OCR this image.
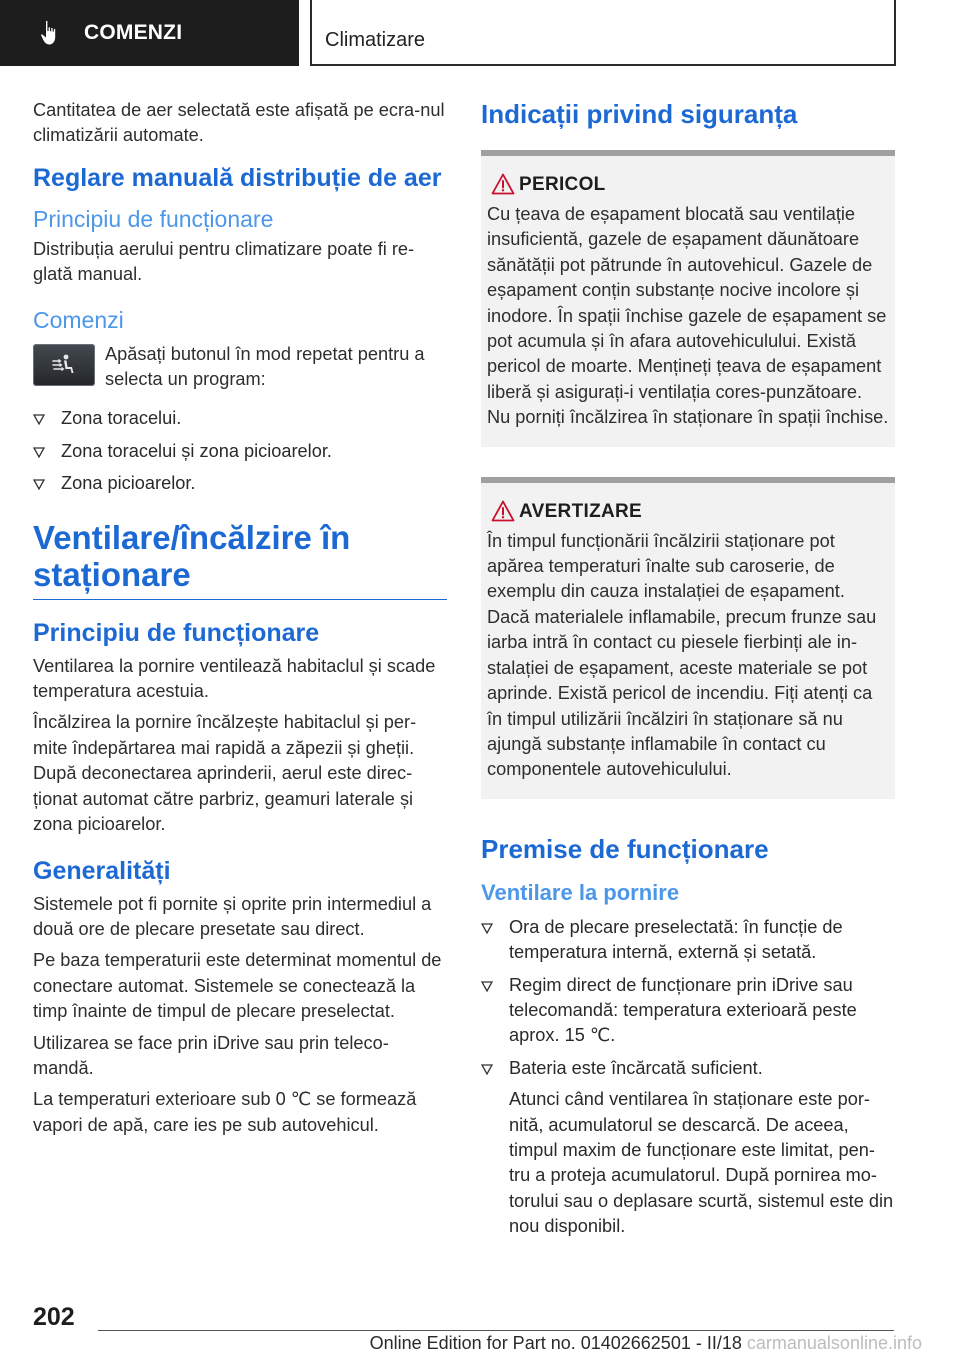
COMENZI	Climatizare

Cantitatea de aer selectată este afișată pe ecra-nul climatizării automate.

Reglare manuală distribuție de aer
Principiu de funcționare

Distribuția aerului pentru climatizare poate fi re-glată manual.

Comenzi

Apăsați butonul în mod repetat pentru a selecta un program:

Zona toracelui.
Zona toracelui și zona picioarelor.
Zona picioarelor.
Ventilare/încălzire în staționare
Principiu de funcționare

Ventilarea la pornire ventilează habitaclul și scade temperatura acestuia.

Încălzirea la pornire încălzește habitaclul și per-mite îndepărtarea mai rapidă a zăpezii și gheții. După deconectarea aprinderii, aerul este direc-ționat automat către parbriz, geamuri laterale și zona picioarelor.

Generalități

Sistemele pot fi pornite și oprite prin intermediul a două ore de plecare presetate sau direct.

Pe baza temperaturii este determinat momentul de conectare automat. Sistemele se conectează la timp înainte de timpul de plecare preselectat.

Utilizarea se face prin iDrive sau prin teleco-mandă.

La temperaturi exterioare sub 0 ℃ se formează vapori de apă, care ies pe sub autovehicul.

Indicații privind siguranța
PERICOL

Cu țeava de eșapament blocată sau ventilație insuficientă, gazele de eșapament dăunătoare sănătății pot pătrunde în autovehicul. Gazele de eșapament conțin substanțe nocive incolore și inodore. În spații închise gazele de eșapament se pot acumula și în afara autovehiculului. Există pericol de moarte. Mențineți țeava de eșapament liberă și asigurați-i ventilația cores-punzătoare. Nu porniți încălzirea în staționare în spații închise.

AVERTIZARE

În timpul funcționării încălzirii staționare pot apărea temperaturi înalte sub caroserie, de exemplu din cauza instalației de eșapament. Dacă materialele inflamabile, precum frunze sau iarba intră în contact cu piesele fierbinți ale in-stalației de eșapament, aceste materiale se pot aprinde. Există pericol de incendiu. Fiți atenți ca în timpul utilizării încălziri în staționare să nu ajungă substanțe inflamabile în contact cu componentele autovehiculului.

Premise de funcționare
Ventilare la pornire
Ora de plecare preselectată: în funcție de temperatura internă, externă și setată.
Regim direct de funcționare prin iDrive sau telecomandă: temperatura exterioară peste aprox. 15 ℃.
Bateria este încărcată suficient.
Atunci când ventilarea în staționare este por-nită, acumulatorul se descarcă. De aceea, timpul maxim de funcționare este limitat, pen-tru a proteja acumulatorul. După pornirea mo-torului sau o deplasare scurtă, sistemul este din nou disponibil.
202
Online Edition for Part no. 01402662501 - II/18 carmanualsonline.info
